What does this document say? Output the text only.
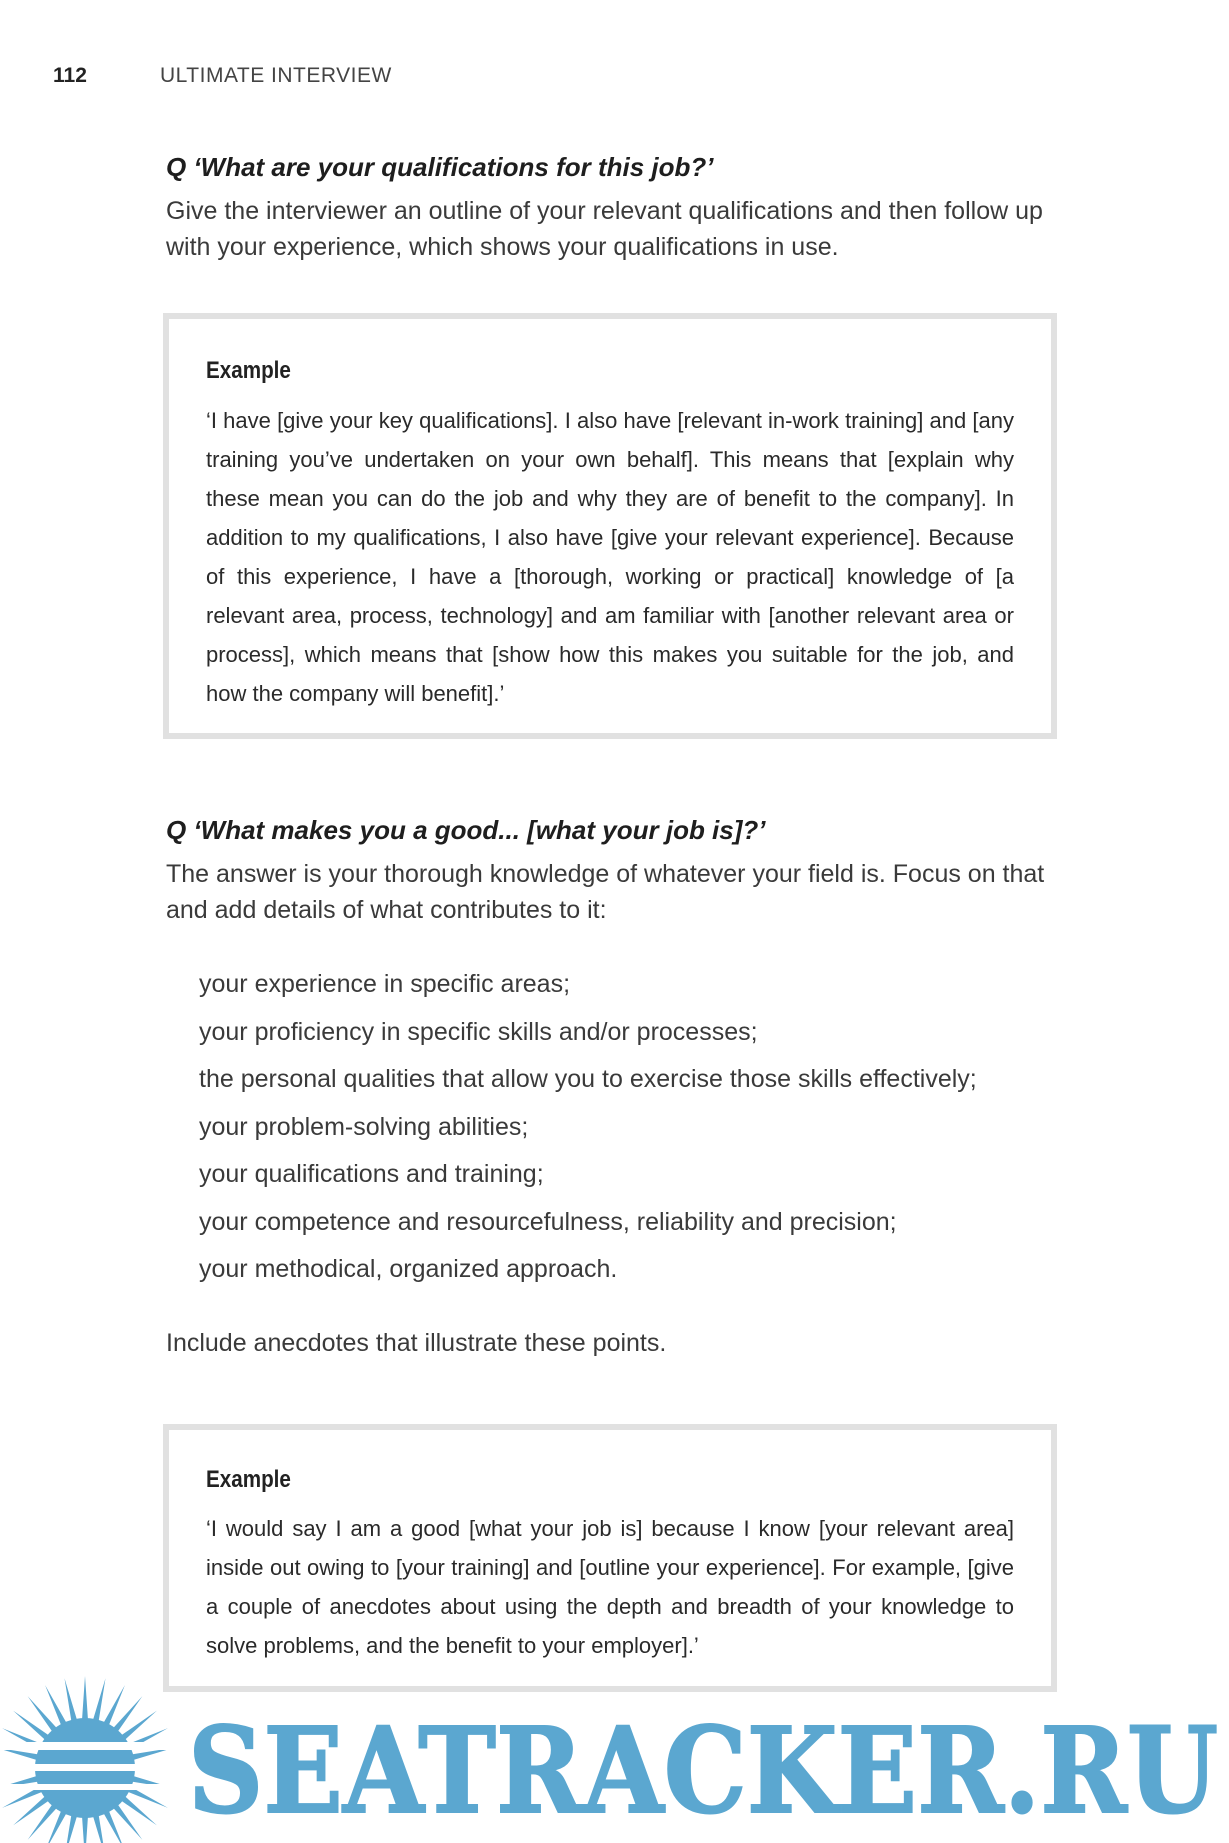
112	ULTIMATE INTERVIEW
Q ‘What are your qualifications for this job?’

Give the interviewer an outline of your relevant qualifications and then follow up with your experience, which shows your qualifications in use.

Example

‘I have [give your key qualifications]. I also have [relevant in-work training] and [any training you’ve undertaken on your own behalf]. This means that [explain why these mean you can do the job and why they are of benefit to the company]. In addition to my qualifications, I also have [give your relevant experience]. Because of this experience, I have a [thorough, working or practical] knowledge of [a relevant area, process, technology] and am familiar with [another relevant area or process], which means that [show how this makes you suitable for the job, and how the company will benefit].’

Q ‘What makes you a good... [what your job is]?’

The answer is your thorough knowledge of whatever your field is. Focus on that and add details of what contributes to it:

your experience in specific areas;
your proficiency in specific skills and/or processes;
the personal qualities that allow you to exercise those skills effectively;
your problem-solving abilities;
your qualifications and training;
your competence and resourcefulness, reliability and precision;
your methodical, organized approach.

Include anecdotes that illustrate these points.

Example

‘I would say I am a good [what your job is] because I know [your relevant area] inside out owing to [your training] and [outline your experience]. For example, [give a couple of anecdotes about using the depth and breadth of your knowledge to solve problems, and the benefit to your employer].’

SEATRACKER.RU
